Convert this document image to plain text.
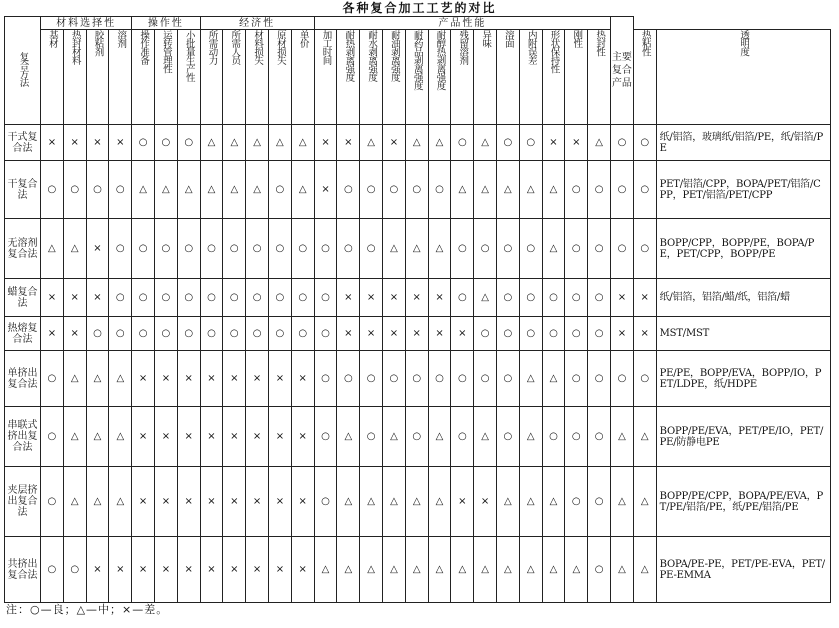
各种复合加工工艺的对比
复合方法	材料选择性				操作性			经济性					产品性能													主要复合产品		
	基材	热封材料	胶粘剂	溶剂	操作准备	运转管理性	小批量生产性	所需动力	所需人员	材料损失	原材损失	单价	加工时间	耐热剥离强度	耐水剥离强度	耐油剥离强度	耐药品剥离强度	耐醇热剥离强度	残留溶剂	异味	溶面	内附误差	形状保持性	刚性	热封性		热粘性	透明度
干式复合法	×	×	×	×	○	○	○	△	△	△	△	△	×	×	△	×	△	△	○	△	○	○	×	×	△	○	○	纸/铝箔，玻璃纸/铝箔/PE，纸/铝箔/PE
干复合法	○	○	○	○	△	△	△	△	△	△	○	△	×	○	○	○	○	○	△	△	△	△	△	○	○	○	○	PET/铝箔/CPP，BOPA/PET/铝箔/CPP，PET/铝箔/PET/CPP
无溶剂复合法	△	△	×	○	○	○	○	○	○	○	○	○	○	○	○	△	△	△	○	○	○	○	△	○	○	○	○	BOPP/CPP，BOPP/PE，BOPA/PE，PET/CPP，BOPP/PE
蜡复合法	×	×	×	○	○	○	○	○	○	○	○	○	○	×	×	×	×	×	○	△	○	○	○	○	○	×	×	纸/铝箔，铝箔/蜡/纸，铝箔/蜡
热熔复合法	×	×	○	○	○	○	○	○	○	○	○	○	○	×	×	×	×	×	×	○	○	○	○	○	○	×	×	MST/MST
单挤出复合法	○	△	△	△	×	×	×	×	×	×	×	×	○	○	○	○	○	○	○	○	○	△	△	○	○	○	○	PE/PE，BOPP/EVA，BOPP/IO，PET/LDPE，纸/HDPE
串联式挤出复合法	○	△	△	△	×	×	×	×	×	×	×	×	○	△	○	△	○	△	○	△	○	△	○	○	○	△	△	BOPP/PE/EVA，PET/PE/IO，PET/PE/防静电PE
夹层挤出复合法	○	△	△	△	×	×	×	×	×	×	×	×	○	△	△	△	△	△	×	×	△	△	△	○	○	△	△	BOPP/PE/CPP，BOPA/PE/EVA，PT/PE/铝箔/PE，纸/PE/铝箔/PE
共挤出复合法	○	○	×	×	×	×	×	×	×	×	×	×	△	△	△	△	△	△	△	△	△	△	△	△	○	△	△	BOPA/PE-PE，PET/PE-EVA，PET/PE-EMMA
注：○—良；△—中；×—差。
